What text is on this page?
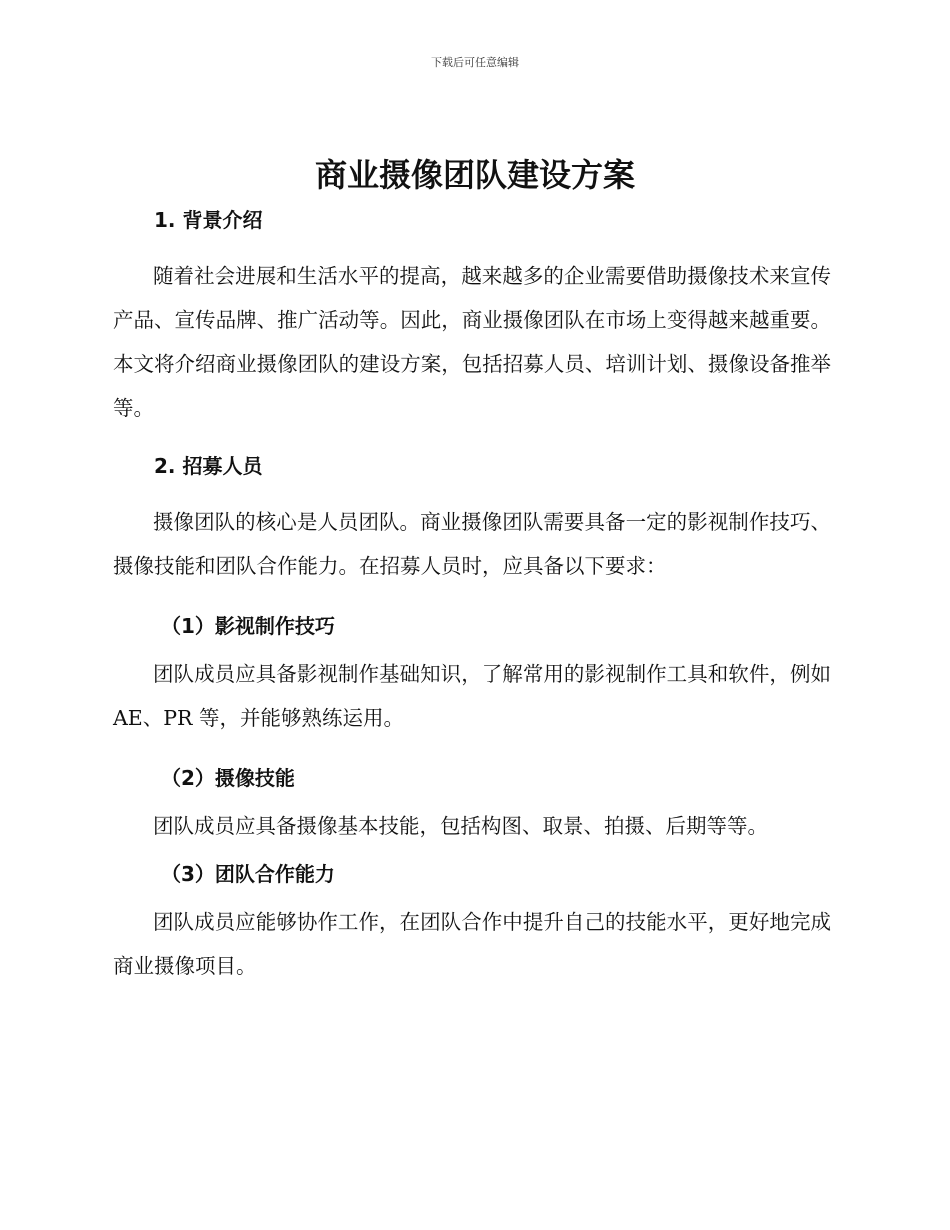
下载后可任意编辑
商业摄像团队建设方案
1. 背景介绍

随着社会进展和生活水平的提高，越来越多的企业需要借助摄像技术来宣传产品、宣传品牌、推广活动等。因此，商业摄像团队在市场上变得越来越重要。本文将介绍商业摄像团队的建设方案，包括招募人员、培训计划、摄像设备推举等。

2. 招募人员

摄像团队的核心是人员团队。商业摄像团队需要具备一定的影视制作技巧、摄像技能和团队合作能力。在招募人员时，应具备以下要求：

（1）影视制作技巧

团队成员应具备影视制作基础知识，了解常用的影视制作工具和软件，例如 AE、PR 等，并能够熟练运用。

（2）摄像技能

团队成员应具备摄像基本技能，包括构图、取景、拍摄、后期等等。

（3）团队合作能力

团队成员应能够协作工作，在团队合作中提升自己的技能水平，更好地完成商业摄像项目。
